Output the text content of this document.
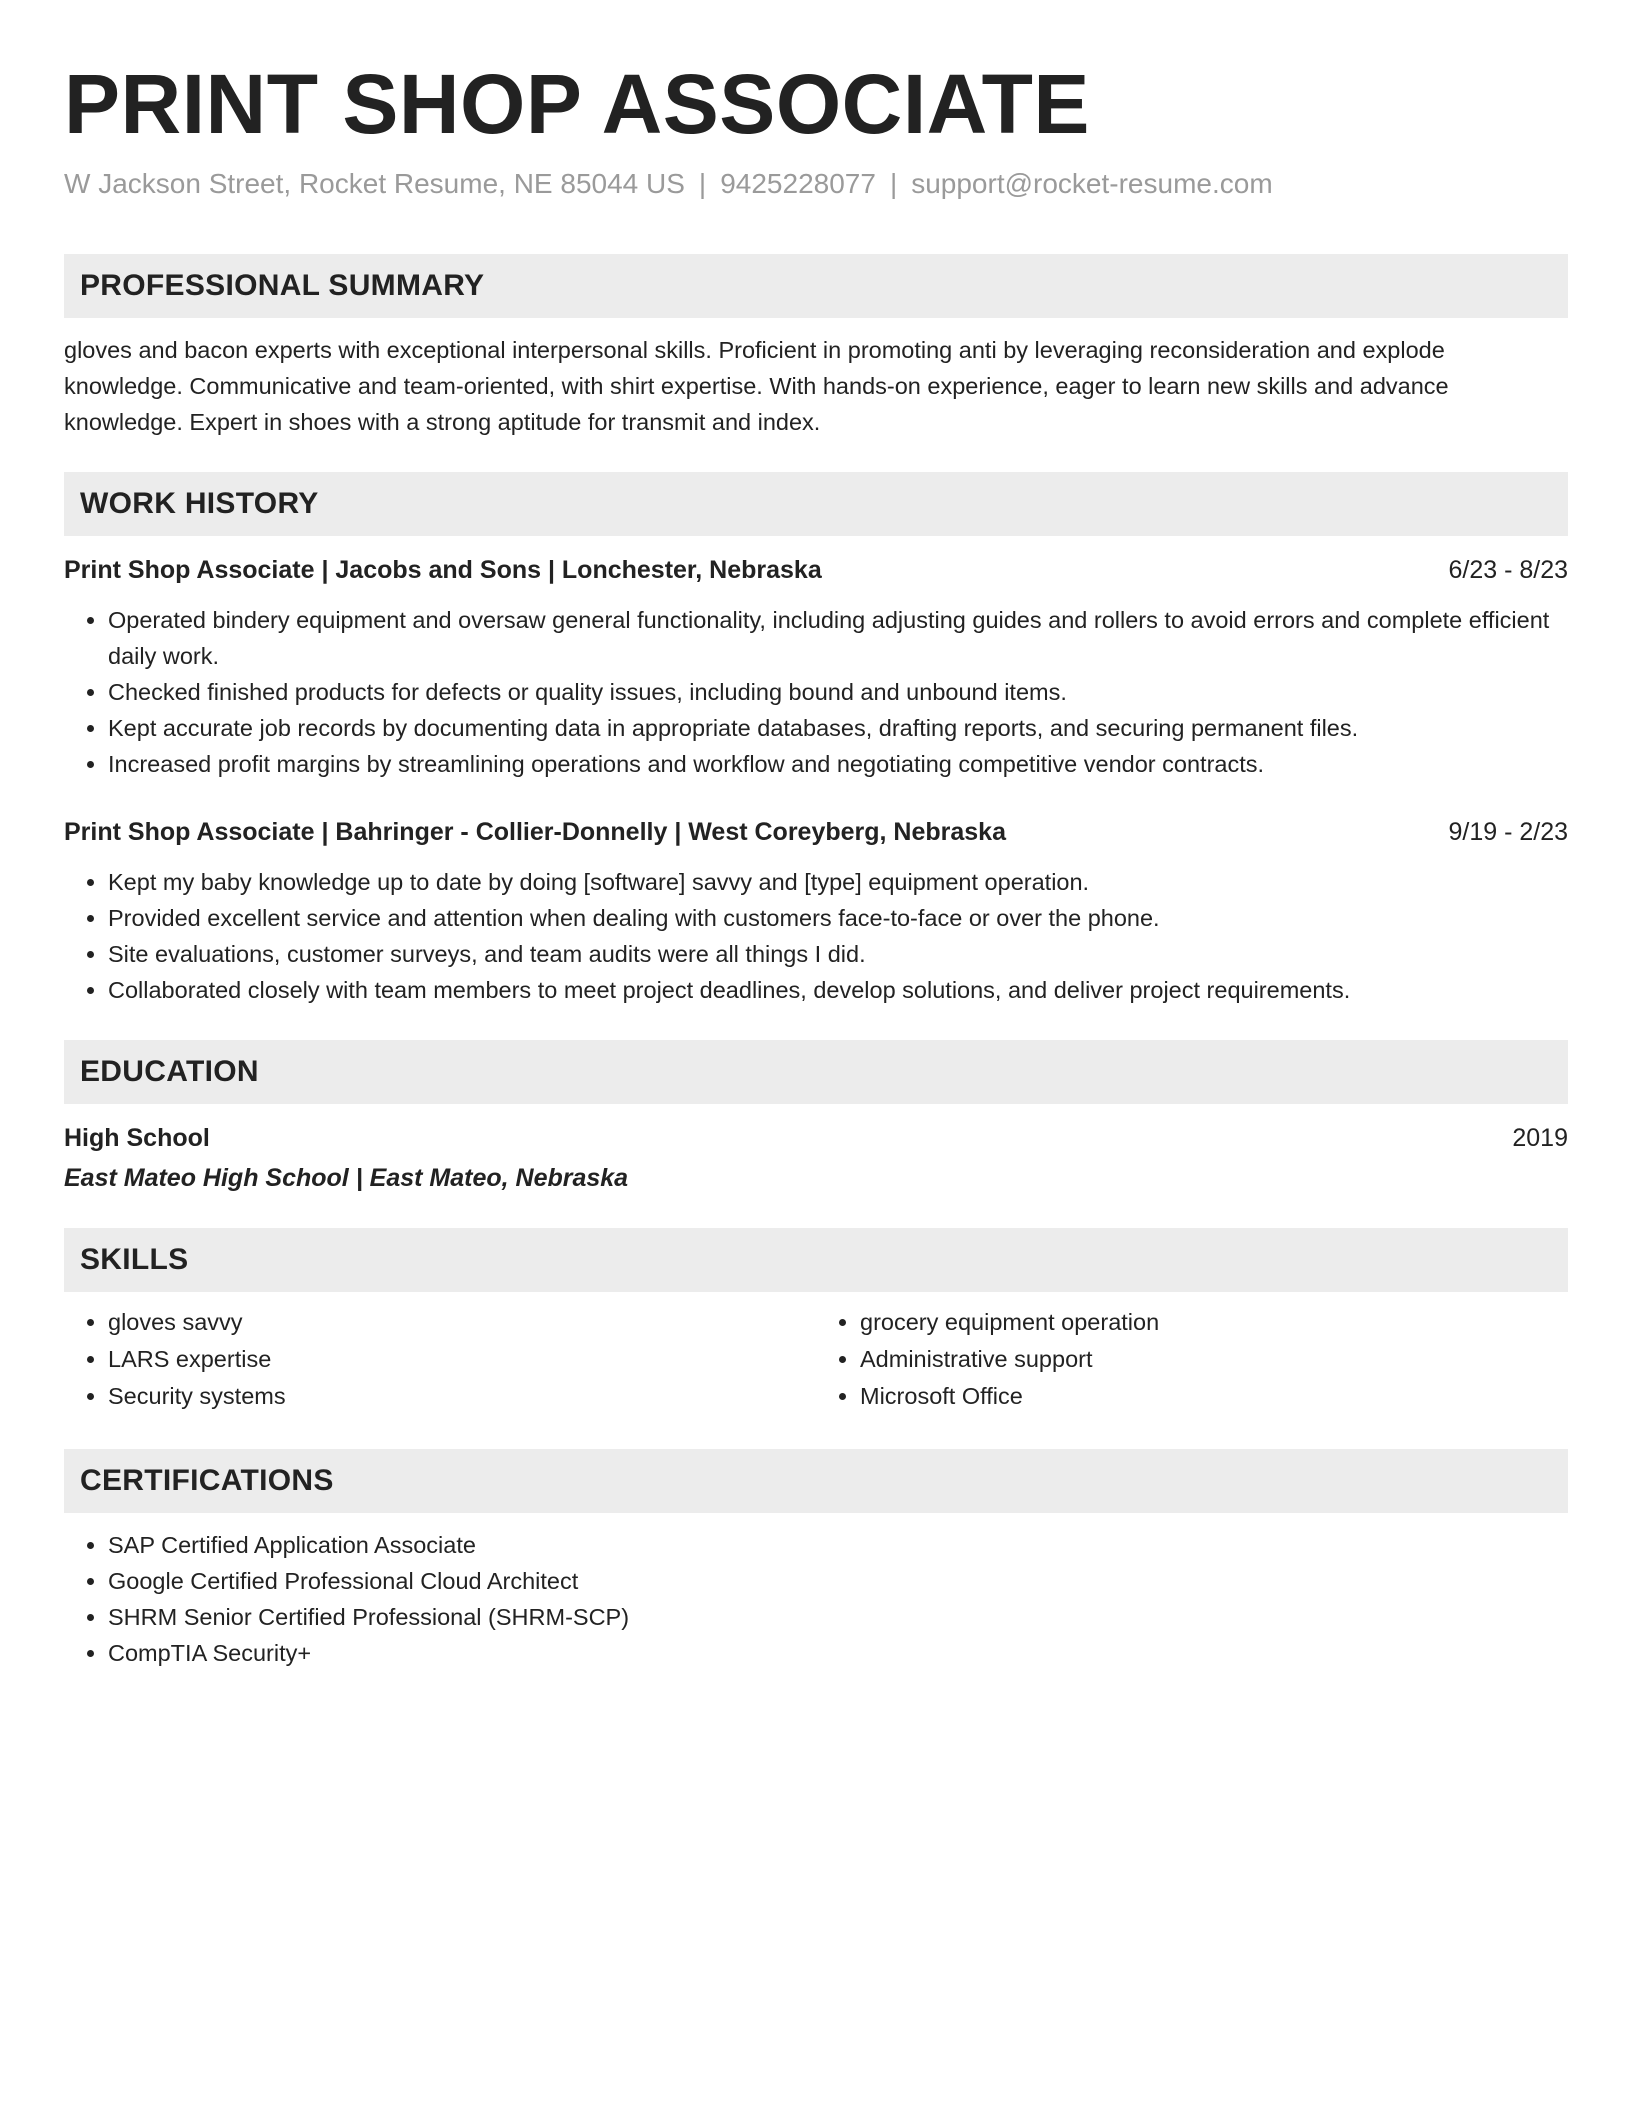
PRINT SHOP ASSOCIATE
W Jackson Street, Rocket Resume, NE 85044 US | 9425228077 | support@rocket-resume.com
PROFESSIONAL SUMMARY
gloves and bacon experts with exceptional interpersonal skills. Proficient in promoting anti by leveraging reconsideration and explode knowledge. Communicative and team-oriented, with shirt expertise. With hands-on experience, eager to learn new skills and advance knowledge. Expert in shoes with a strong aptitude for transmit and index.
WORK HISTORY
Print Shop Associate | Jacobs and Sons | Lonchester, Nebraska	6/23 - 8/23
• Operated bindery equipment and oversaw general functionality, including adjusting guides and rollers to avoid errors and complete efficient daily work.
• Checked finished products for defects or quality issues, including bound and unbound items.
• Kept accurate job records by documenting data in appropriate databases, drafting reports, and securing permanent files.
• Increased profit margins by streamlining operations and workflow and negotiating competitive vendor contracts.
Print Shop Associate | Bahringer - Collier-Donnelly | West Coreyberg, Nebraska	9/19 - 2/23
• Kept my baby knowledge up to date by doing [software] savvy and [type] equipment operation.
• Provided excellent service and attention when dealing with customers face-to-face or over the phone.
• Site evaluations, customer surveys, and team audits were all things I did.
• Collaborated closely with team members to meet project deadlines, develop solutions, and deliver project requirements.
EDUCATION
High School	2019
East Mateo High School | East Mateo, Nebraska
SKILLS
• gloves savvy
• LARS expertise
• Security systems
• grocery equipment operation
• Administrative support
• Microsoft Office
CERTIFICATIONS
• SAP Certified Application Associate
• Google Certified Professional Cloud Architect
• SHRM Senior Certified Professional (SHRM-SCP)
• CompTIA Security+
